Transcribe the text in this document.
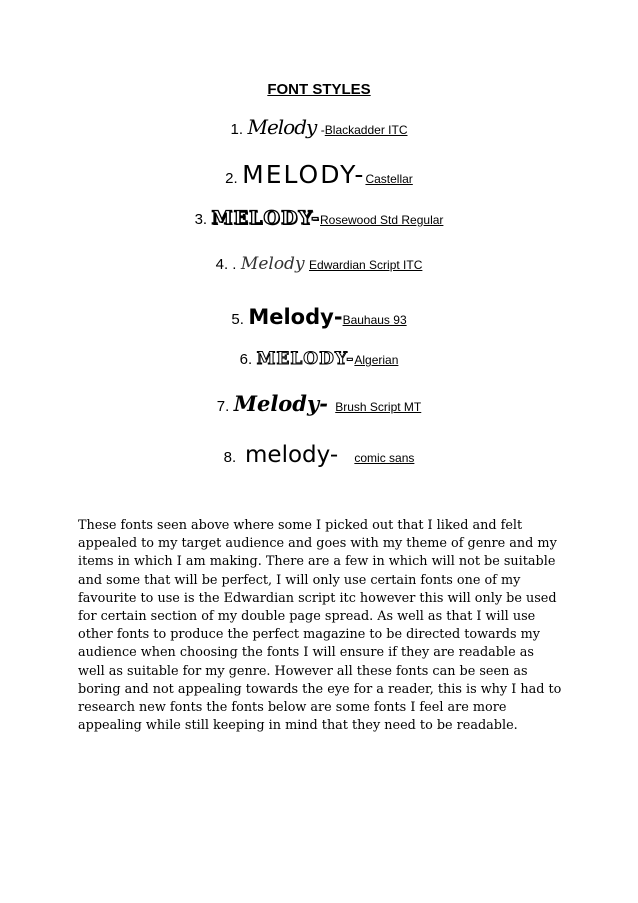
FONT STYLES
1. Melody -Blackadder ITC
2. MELODY-Castellar
3. MELODY-Rosewood Std Regular
4. . Melody Edwardian Script ITC
5. Melody-Bauhaus 93
6. MELODY-Algerian
7. Melody- Brush Script MT
8. melody-   comic sans

These fonts seen above where some I picked out that I liked and felt appealed to my target audience and goes with my theme of genre and my items in which I am making. There are a few in which will not be suitable and some that will be perfect, I will only use certain fonts one of my favourite to use is the Edwardian script itc however this will only be used for certain section of my double page spread. As well as that I will use other fonts to produce the perfect magazine to be directed towards my audience when choosing the fonts I will ensure if they are readable as well as suitable for my genre. However all these fonts can be seen as boring and not appealing towards the eye for a reader, this is why I had to research new fonts the fonts below are some fonts I feel are more appealing while still keeping in mind that they need to be readable.
